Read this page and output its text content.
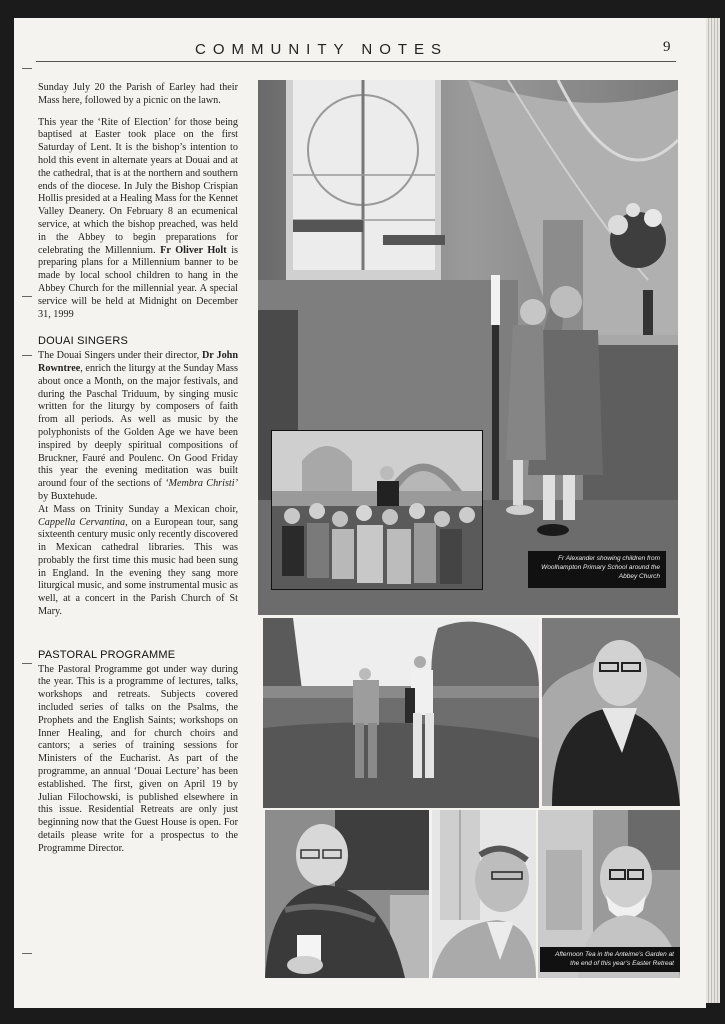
COMMUNITY NOTES	9

Sunday July 20 the Parish of Earley had their Mass here, followed by a picnic on the lawn.

This year the ‘Rite of Election’ for those being baptised at Easter took place on the first Saturday of Lent. It is the bishop’s intention to hold this event in alternate years at Douai and at the cathedral, that is at the northern and southern ends of the diocese. In July the Bishop Crispian Hollis presided at a Healing Mass for the Kennet Valley Deanery. On February 8 an ecumenical service, at which the bishop preached, was held in the Abbey to begin preparations for celebrating the Millennium. Fr Oliver Holt is preparing plans for a Millennium banner to be made by local school children to hang in the Abbey Church for the millennial year. A special service will be held at Midnight on December 31, 1999

DOUAI SINGERS

The Douai Singers under their director, Dr John Rowntree, enrich the liturgy at the Sunday Mass about once a Month, on the major festivals, and during the Paschal Triduum, by singing music written for the liturgy by composers of faith from all periods. As well as music by the polyphonists of the Golden Age we have been inspired by deeply spiritual compositions of Bruckner, Fauré and Poulenc. On Good Friday this year the evening meditation was built around four of the sections of ‘Membra Christi’ by Buxtehude.

At Mass on Trinity Sunday a Mexican choir, Cappella Cervantina, on a European tour, sang sixteenth century music only recently discovered in Mexican cathedral libraries. This was probably the first time this music had been sung in England. In the evening they sang more liturgical music, and some instrumental music as well, at a concert in the Parish Church of St Mary.

PASTORAL PROGRAMME

The Pastoral Programme got under way during the year. This is a programme of lectures, talks, workshops and retreats. Subjects covered included series of talks on the Psalms, the Prophets and the English Saints; workshops on Inner Healing, and for church choirs and cantors; a series of training sessions for Ministers of the Eucharist. As part of the programme, an annual ‘Douai Lecture’ has been established. The first, given on April 19 by Julian Filochowski, is published elsewhere in this issue. Residential Retreats are only just beginning now that the Guest House is open. For details please write for a prospectus to the Programme Director.

Fr Alexander showing children from Woolhampton Primary School around the Abbey Church
Afternoon Tea in the Anteime’s Garden at the end of this year’s Easter Retreat
